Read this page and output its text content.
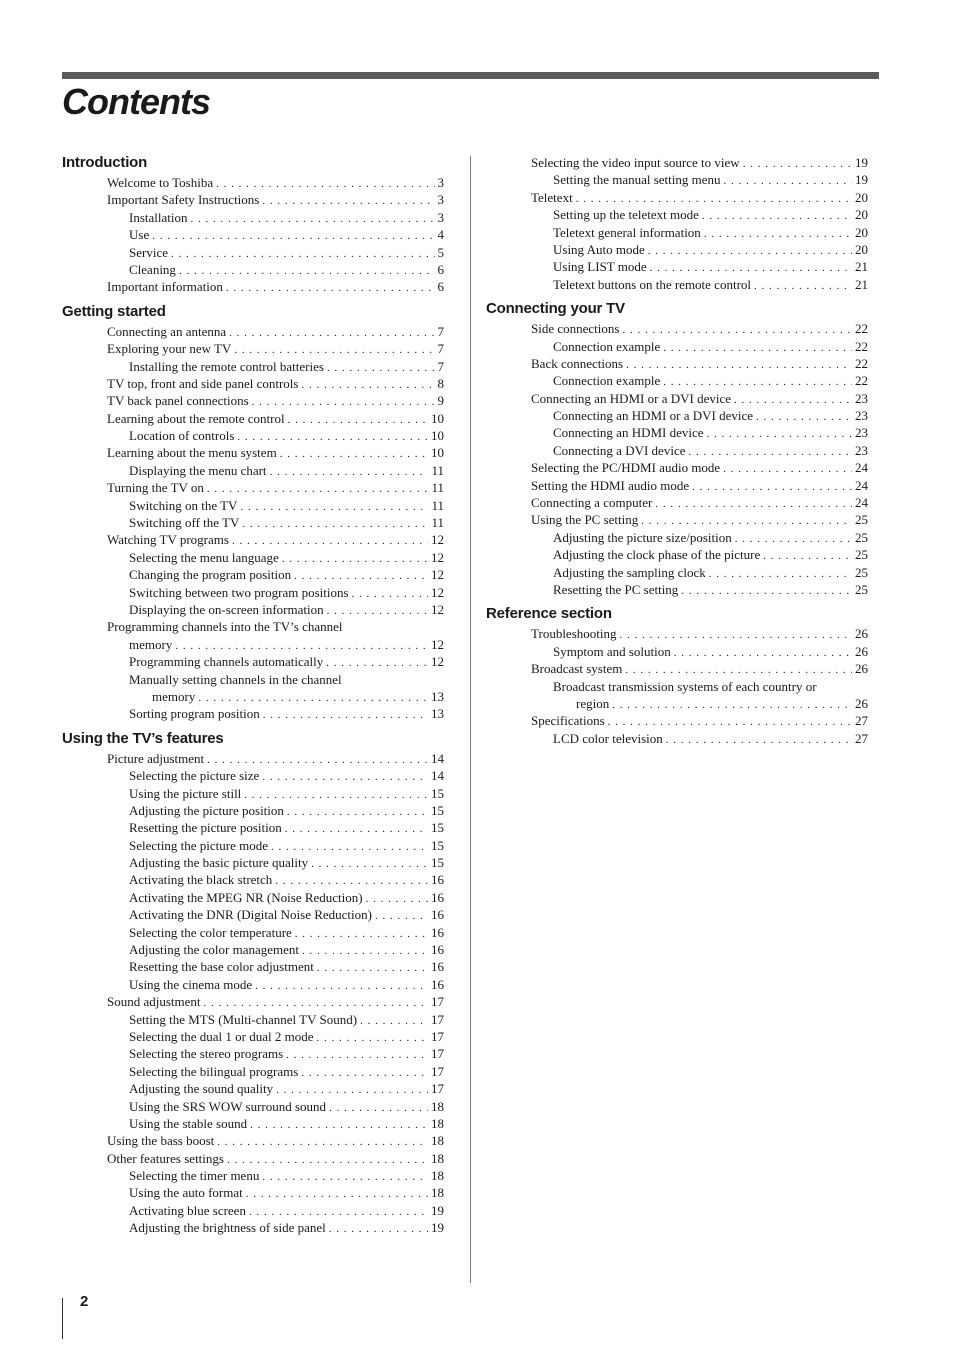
Contents
Introduction
Welcome to Toshiba . . .	3
Important Safety Instructions . . .	3
Installation . . .	3
Use . . .	4
Service . . .	5
Cleaning . . .	6
Important information . . .	6
Getting started
Connecting an antenna . . .	7
Exploring your new TV . . .	7
Installing the remote control batteries . . .	7
TV top, front and side panel controls . . .	8
TV back panel connections . . .	9
Learning about the remote control . . .	10
Location of controls . . .	10
Learning about the menu system . . .	10
Displaying the menu chart . . .	11
Turning the TV on . . .	11
Switching on the TV . . .	11
Switching off the TV . . .	11
Watching TV programs . . .	12
Selecting the menu language . . .	12
Changing the program position . . .	12
Switching between two program positions . . .	12
Displaying the on-screen information . . .	12
Programming channels into the TV’s channel
memory . . .	12
Programming channels automatically . . .	12
Manually setting channels in the channel
memory . . .	13
Sorting program position . . .	13
Using the TV’s features
Picture adjustment . . .	14
Selecting the picture size . . .	14
Using the picture still . . .	15
Adjusting the picture position . . .	15
Resetting the picture position . . .	15
Selecting the picture mode . . .	15
Adjusting the basic picture quality . . .	15
Activating the black stretch . . .	16
Activating the MPEG NR (Noise Reduction) . . .	16
Activating the DNR (Digital Noise Reduction) . . .	16
Selecting the color temperature . . .	16
Adjusting the color management . . .	16
Resetting the base color adjustment . . .	16
Using the cinema mode . . .	16
Sound adjustment . . .	17
Setting the MTS (Multi-channel TV Sound) . . .	17
Selecting the dual 1 or dual 2 mode . . .	17
Selecting the stereo programs . . .	17
Selecting the bilingual programs . . .	17
Adjusting the sound quality . . .	17
Using the SRS WOW surround sound . . .	18
Using the stable sound . . .	18
Using the bass boost . . .	18
Other features settings . . .	18
Selecting the timer menu . . .	18
Using the auto format . . .	18
Activating blue screen . . .	19
Adjusting the brightness of side panel . . .	19
Selecting the video input source to view . . .	19
Setting the manual setting menu . . .	19
Teletext . . .	20
Setting up the teletext mode . . .	20
Teletext general information . . .	20
Using Auto mode . . .	20
Using LIST mode . . .	21
Teletext buttons on the remote control . . .	21
Connecting your TV
Side connections . . .	22
Connection example . . .	22
Back connections . . .	22
Connection example . . .	22
Connecting an HDMI or a DVI device . . .	23
Connecting an HDMI or a DVI device . . .	23
Connecting an HDMI device . . .	23
Connecting a DVI device . . .	23
Selecting the PC/HDMI audio mode . . .	24
Setting the HDMI audio mode . . .	24
Connecting a computer . . .	24
Using the PC setting . . .	25
Adjusting the picture size/position . . .	25
Adjusting the clock phase of the picture . . .	25
Adjusting the sampling clock . . .	25
Resetting the PC setting . . .	25
Reference section
Troubleshooting . . .	26
Symptom and solution . . .	26
Broadcast system . . .	26
Broadcast transmission systems of each country or
region . . .	26
Specifications . . .	27
LCD color television . . .	27
2
